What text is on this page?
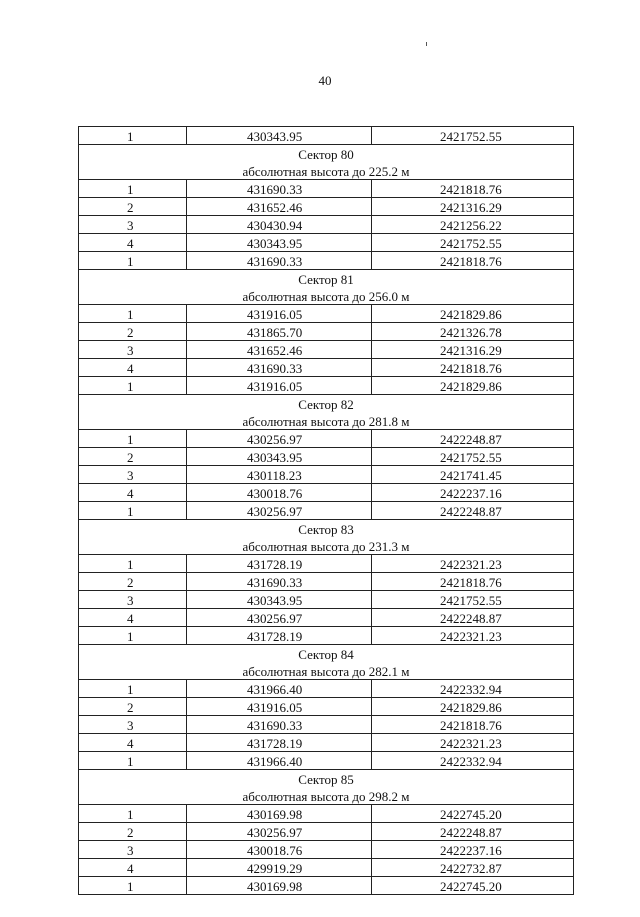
40
1	430343.95	2421752.55
Сектор 80		
абсолютная высота до 225.2 м		
1	431690.33	2421818.76
2	431652.46	2421316.29
3	430430.94	2421256.22
4	430343.95	2421752.55
1	431690.33	2421818.76
Сектор 81		
абсолютная высота до 256.0 м		
1	431916.05	2421829.86
2	431865.70	2421326.78
3	431652.46	2421316.29
4	431690.33	2421818.76
1	431916.05	2421829.86
Сектор 82		
абсолютная высота до 281.8 м		
1	430256.97	2422248.87
2	430343.95	2421752.55
3	430118.23	2421741.45
4	430018.76	2422237.16
1	430256.97	2422248.87
Сектор 83		
абсолютная высота до 231.3 м		
1	431728.19	2422321.23
2	431690.33	2421818.76
3	430343.95	2421752.55
4	430256.97	2422248.87
1	431728.19	2422321.23
Сектор 84		
абсолютная высота до 282.1 м		
1	431966.40	2422332.94
2	431916.05	2421829.86
3	431690.33	2421818.76
4	431728.19	2422321.23
1	431966.40	2422332.94
Сектор 85		
абсолютная высота до 298.2 м		
1	430169.98	2422745.20
2	430256.97	2422248.87
3	430018.76	2422237.16
4	429919.29	2422732.87
1	430169.98	2422745.20
